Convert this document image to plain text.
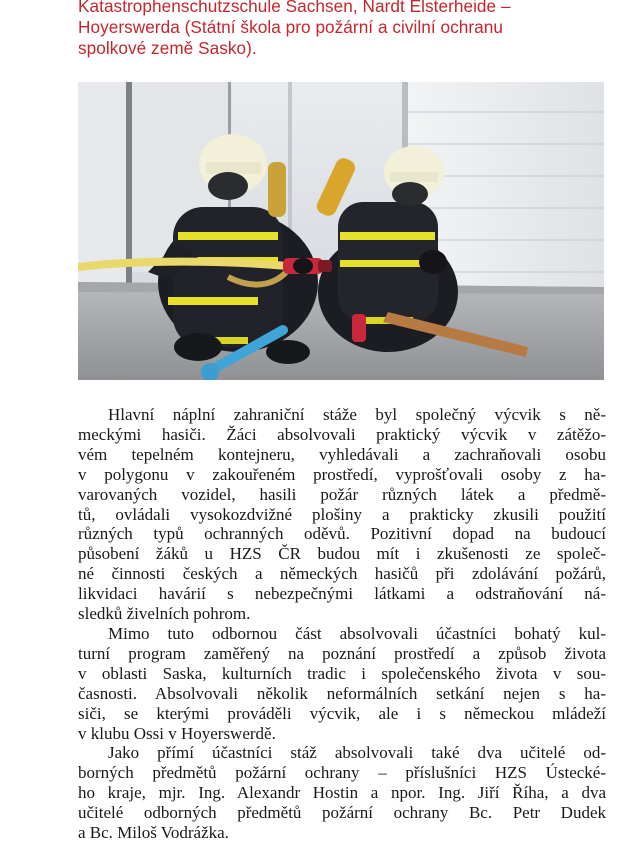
Katastrophenschutzschule Sachsen, Nardt Elsterheide –
Hoyerswerda (Státní škola pro požární a civilní ochranu
spolkové země Sasko).
Hlavní náplní zahraniční stáže byl společný výcvik s ně-
meckými hasiči. Žáci absolvovali praktický výcvik v zátěžo-
vém tepelném kontejneru, vyhledávali a zachraňovali osobu
v polygonu v zakouřeném prostředí, vyprošťovali osoby z ha-
varovaných vozidel, hasili požár různých látek a předmě-
tů, ovládali vysokozdvižné plošiny a prakticky zkusili použití
různých typů ochranných oděvů. Pozitivní dopad na budoucí
působení žáků u HZS ČR budou mít i zkušenosti ze společ-
né činnosti českých a německých hasičů při zdolávání požárů,
likvidaci havárií s nebezpečnými látkami a odstraňování ná-
sledků živelních pohrom.
Mimo tuto odbornou část absolvovali účastníci bohatý kul-
turní program zaměřený na poznání prostředí a způsob života
v oblasti Saska, kulturních tradic i společenského života v sou-
časnosti. Absolvovali několik neformálních setkání nejen s ha-
siči, se kterými prováděli výcvik, ale i s německou mládeží
v klubu Ossi v Hoyerswerdě.
Jako přímí účastníci stáž absolvovali také dva učitelé od-
borných předmětů požární ochrany – příslušníci HZS Ústecké-
ho kraje, mjr. Ing. Alexandr Hostin a npor. Ing. Jiří Říha, a dva
učitelé odborných předmětů požární ochrany Bc. Petr Dudek
a Bc. Miloš Vodrážka.
